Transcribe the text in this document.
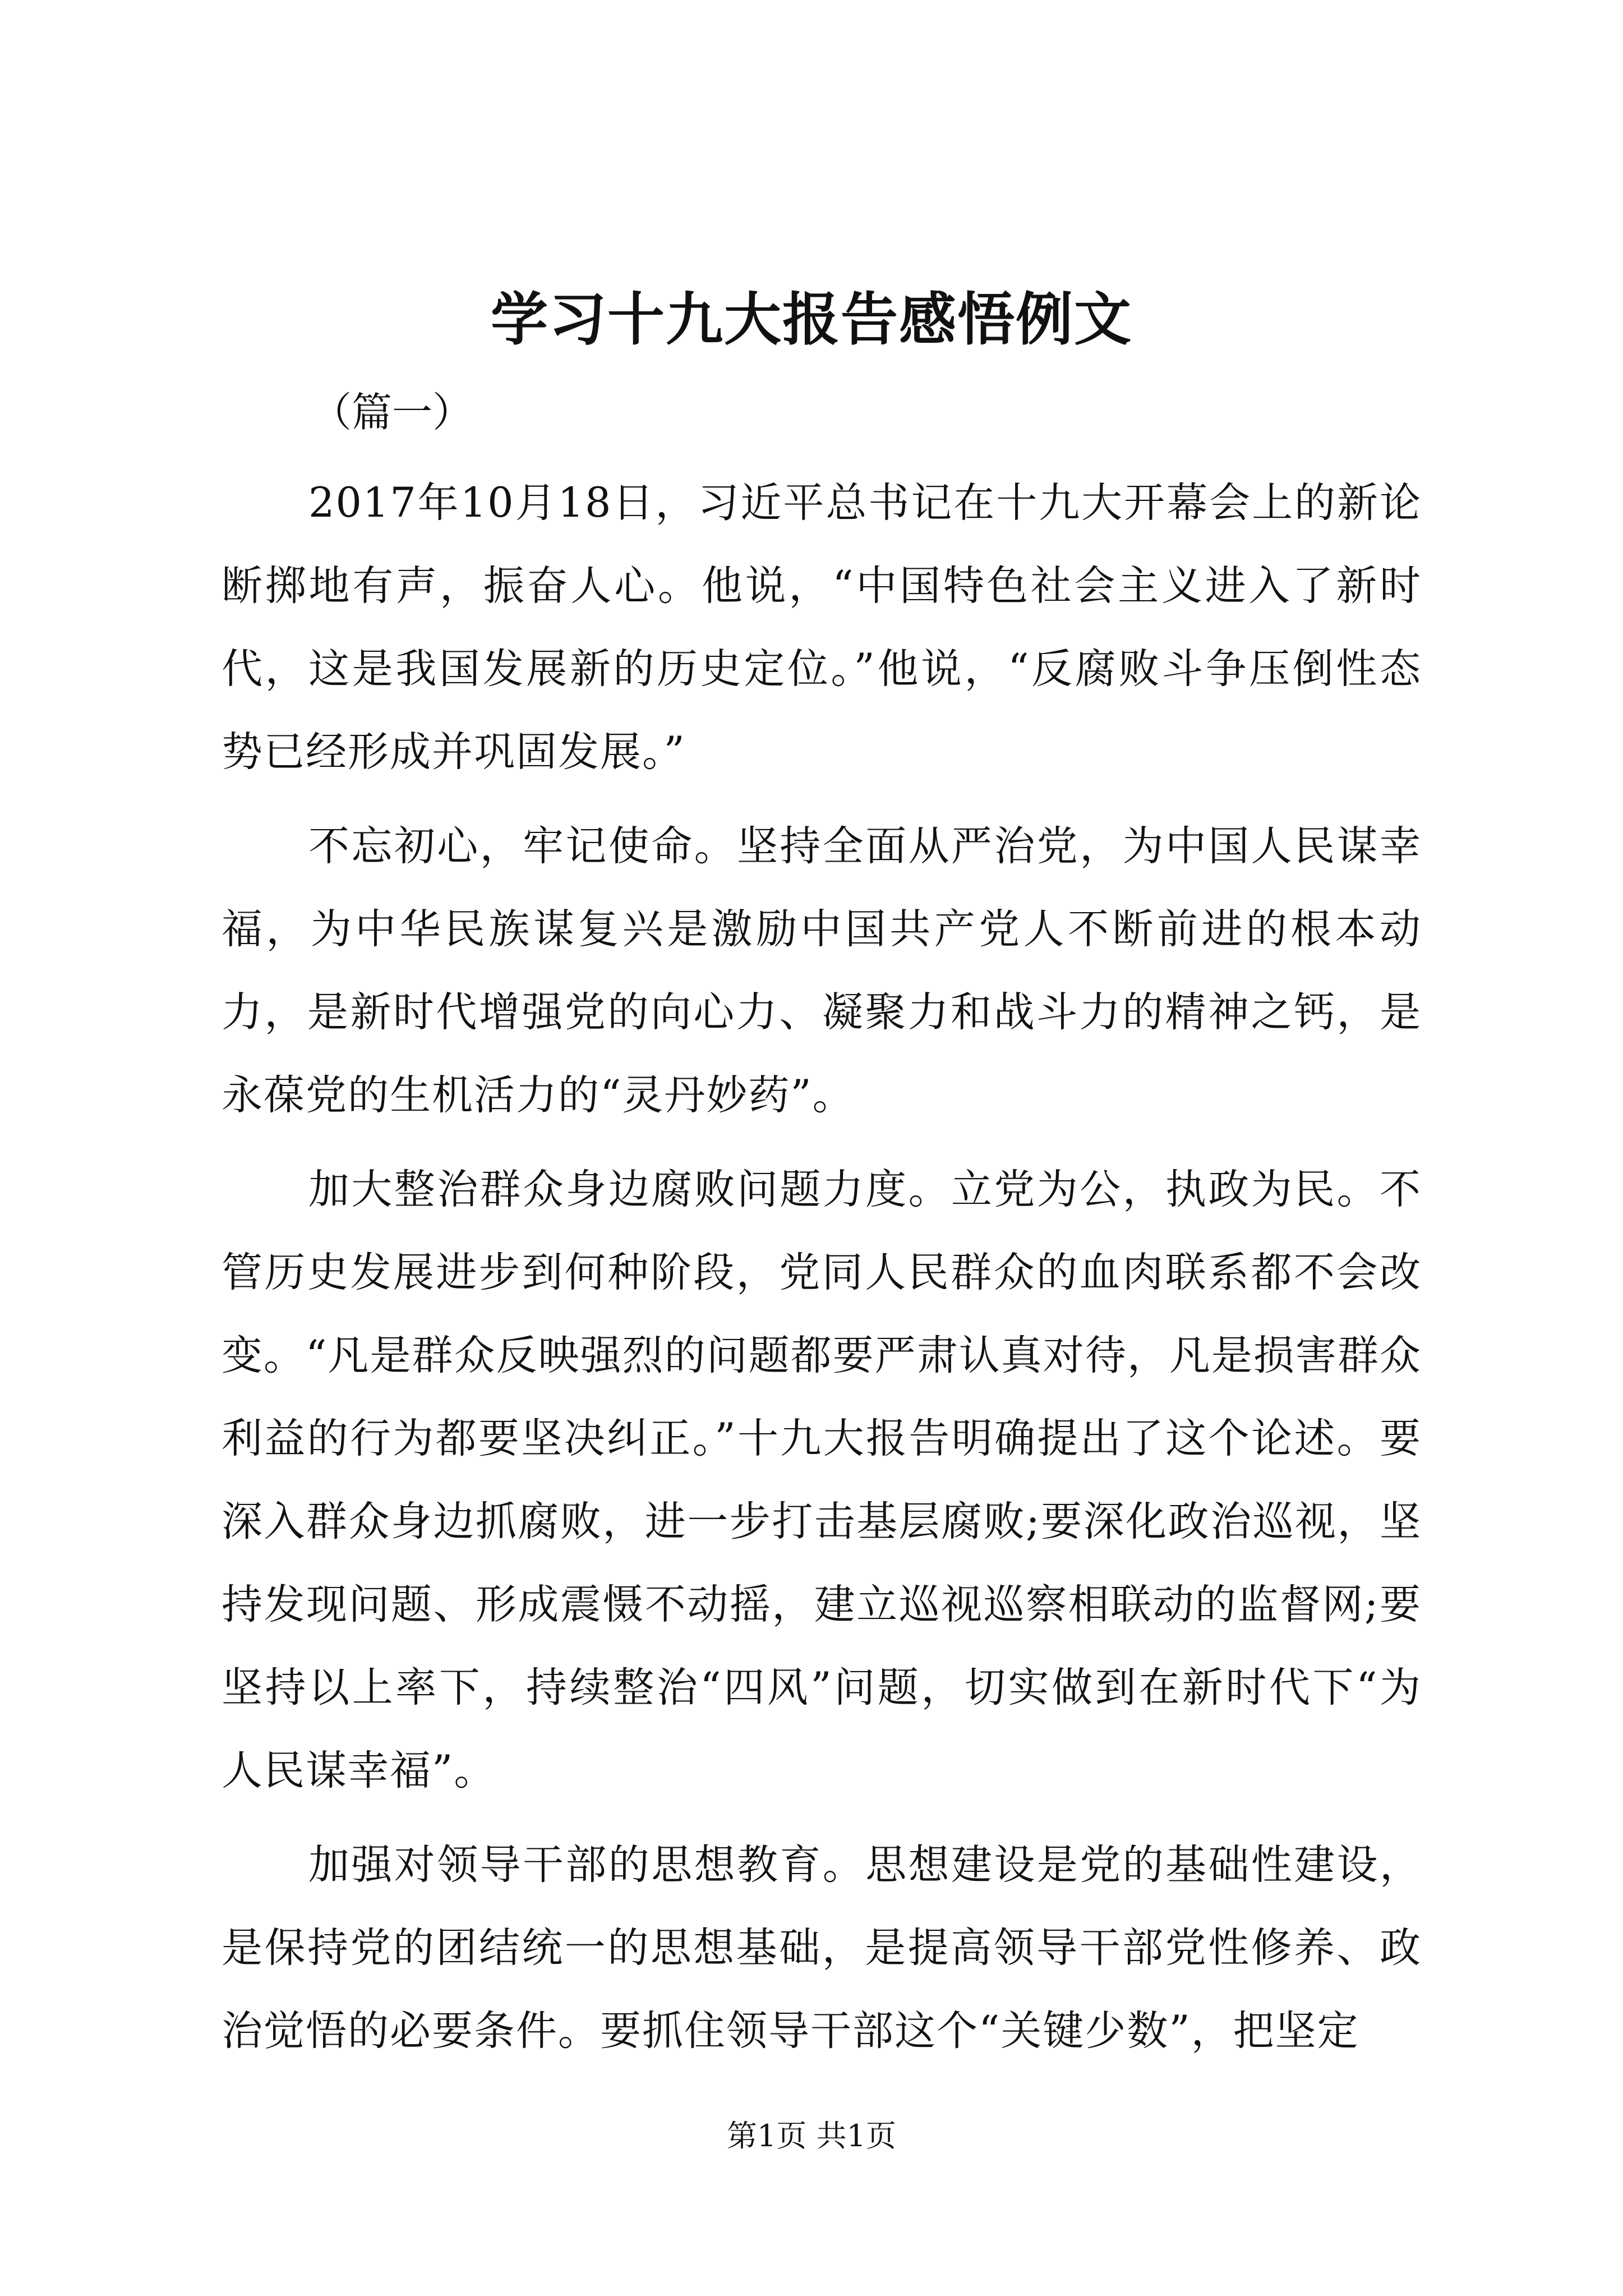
学习十九大报告感悟例文
（篇一）

2017年10月18日，习近平总书记在十九大开幕会上的新论断掷地有声，振奋人心。他说，“中国特色社会主义进入了新时代，这是我国发展新的历史定位。”他说，“反腐败斗争压倒性态势已经形成并巩固发展。”

不忘初心，牢记使命。坚持全面从严治党，为中国人民谋幸福，为中华民族谋复兴是激励中国共产党人不断前进的根本动力，是新时代增强党的向心力、凝聚力和战斗力的精神之钙，是永葆党的生机活力的“灵丹妙药”。

加大整治群众身边腐败问题力度。立党为公，执政为民。不管历史发展进步到何种阶段，党同人民群众的血肉联系都不会改变。“凡是群众反映强烈的问题都要严肃认真对待，凡是损害群众利益的行为都要坚决纠正。”十九大报告明确提出了这个论述。要深入群众身边抓腐败，进一步打击基层腐败;要深化政治巡视，坚持发现问题、形成震慑不动摇，建立巡视巡察相联动的监督网;要坚持以上率下，持续整治“四风”问题，切实做到在新时代下“为人民谋幸福”。

加强对领导干部的思想教育。思想建设是党的基础性建设，是保持党的团结统一的思想基础，是提高领导干部党性修养、政治觉悟的必要条件。要抓住领导干部这个“关键少数”，把坚定

第1页 共1页
